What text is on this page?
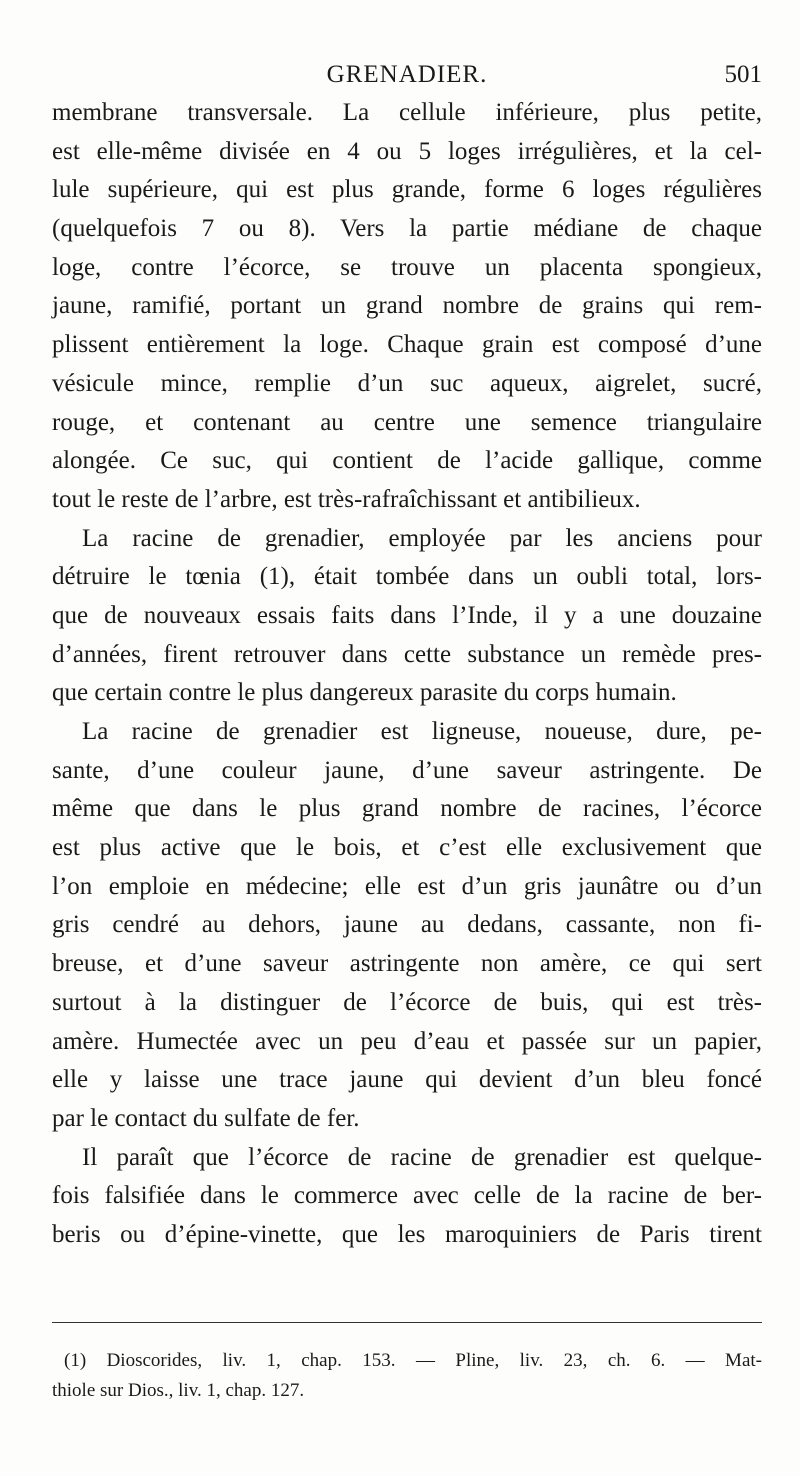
GRENADIER.	501
membrane transversale. La cellule inférieure, plus petite,
est elle-même divisée en 4 ou 5 loges irrégulières, et la cel-
lule supérieure, qui est plus grande, forme 6 loges régulières
(quelquefois 7 ou 8). Vers la partie médiane de chaque
loge, contre l’écorce, se trouve un placenta spongieux,
jaune, ramifié, portant un grand nombre de grains qui rem-
plissent entièrement la loge. Chaque grain est composé d’une
vésicule mince, remplie d’un suc aqueux, aigrelet, sucré,
rouge, et contenant au centre une semence triangulaire
alongée. Ce suc, qui contient de l’acide gallique, comme
tout le reste de l’arbre, est très-rafraîchissant et antibilieux.
La racine de grenadier, employée par les anciens pour
détruire le tœnia (1), était tombée dans un oubli total, lors-
que de nouveaux essais faits dans l’Inde, il y a une douzaine
d’années, firent retrouver dans cette substance un remède pres-
que certain contre le plus dangereux parasite du corps humain.
La racine de grenadier est ligneuse, noueuse, dure, pe-
sante, d’une couleur jaune, d’une saveur astringente. De
même que dans le plus grand nombre de racines, l’écorce
est plus active que le bois, et c’est elle exclusivement que
l’on emploie en médecine; elle est d’un gris jaunâtre ou d’un
gris cendré au dehors, jaune au dedans, cassante, non fi-
breuse, et d’une saveur astringente non amère, ce qui sert
surtout à la distinguer de l’écorce de buis, qui est très-
amère. Humectée avec un peu d’eau et passée sur un papier,
elle y laisse une trace jaune qui devient d’un bleu foncé
par le contact du sulfate de fer.
Il paraît que l’écorce de racine de grenadier est quelque-
fois falsifiée dans le commerce avec celle de la racine de ber-
beris ou d’épine-vinette, que les maroquiniers de Paris tirent
(1) Dioscorides, liv. 1, chap. 153. — Pline, liv. 23, ch. 6. — Mat-
thiole sur Dios., liv. 1, chap. 127.
